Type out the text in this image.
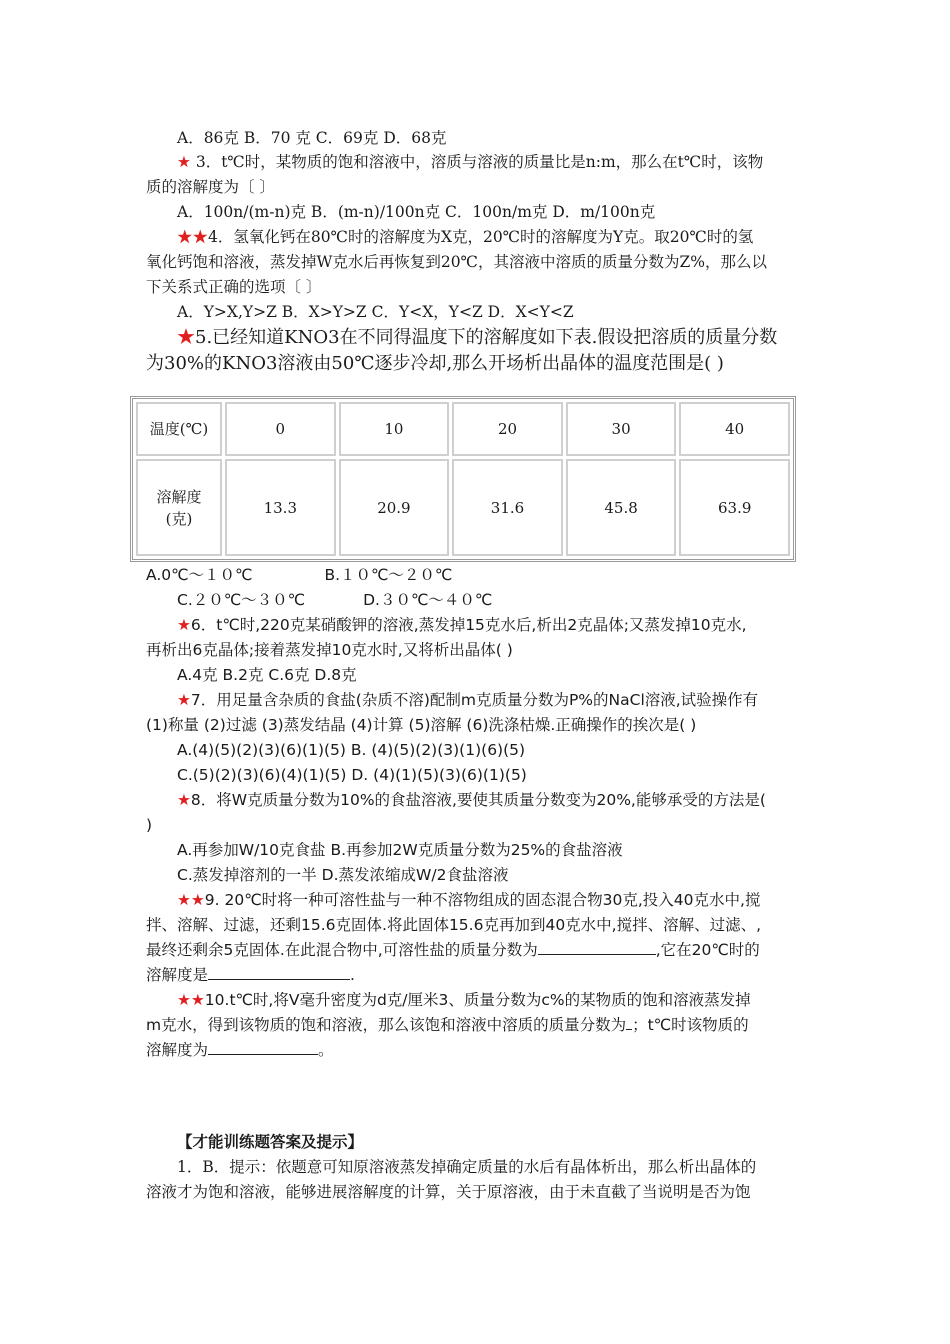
A．86克 B．70 克 C．69克 D．68克
★ 3．t℃时，某物质的饱和溶液中，溶质与溶液的质量比是n:m，那么在t℃时，该物
质的溶解度为〔 〕
A．100n/(m-n)克 B．(m-n)/100n克 C．100n/m克 D．m/100n克
★★4．氢氧化钙在80℃时的溶解度为X克，20℃时的溶解度为Y克。取20℃时的氢
氧化钙饱和溶液，蒸发掉W克水后再恢复到20℃，其溶液中溶质的质量分数为Z%，那么以
下关系式正确的选项〔 〕
A．Y>X,Y>Z B．X>Y>Z C．Y<X，Y<Z D．X<Y<Z
★5.已经知道KNO3在不同得温度下的溶解度如下表.假设把溶质的质量分数
为30%的KNO3溶液由50℃逐步冷却,那么开场析出晶体的温度范围是( )
温度(℃)	0	10	20	30	40
溶解度
(克)	13.3	20.9	31.6	45.8	63.9
A.0℃～１０℃	B.１０℃～２０℃
C.２０℃～３０℃	D.３０℃～４０℃
★6．t℃时,220克某硝酸钾的溶液,蒸发掉15克水后,析出2克晶体;又蒸发掉10克水,
再析出6克晶体;接着蒸发掉10克水时,又将析出晶体( )
A.4克 B.2克 C.6克 D.8克
★7．用足量含杂质的食盐(杂质不溶)配制m克质量分数为P%的NaCl溶液,试验操作有
(1)称量 (2)过滤 (3)蒸发结晶 (4)计算 (5)溶解 (6)洗涤枯燥.正确操作的挨次是( )
A.(4)(5)(2)(3)(6)(1)(5) B. (4)(5)(2)(3)(1)(6)(5)
C.(5)(2)(3)(6)(4)(1)(5) D. (4)(1)(5)(3)(6)(1)(5)
★8．将W克质量分数为10%的食盐溶液,要使其质量分数变为20%,能够承受的方法是(
)
A.再参加W/10克食盐 B.再参加2W克质量分数为25%的食盐溶液
C.蒸发掉溶剂的一半 D.蒸发浓缩成W/2食盐溶液
★★9. 20℃时将一种可溶性盐与一种不溶物组成的固态混合物30克,投入40克水中,搅
拌、溶解、过滤，还剩15.6克固体.将此固体15.6克再加到40克水中,搅拌、溶解、过滤、,
最终还剩余5克固体.在此混合物中,可溶性盐的质量分数为	,它在20℃时的
溶解度是	.
★★10.t℃时,将V毫升密度为d克/厘米3、质量分数为c%的某物质的饱和溶液蒸发掉
m克水，得到该物质的饱和溶液，那么该饱和溶液中溶质的质量分数为 ；t℃时该物质的
溶解度为	。
【才能训练题答案及提示】
1．B．提示：依题意可知原溶液蒸发掉确定质量的水后有晶体析出，那么析出晶体的
溶液才为饱和溶液，能够进展溶解度的计算，关于原溶液，由于未直截了当说明是否为饱
